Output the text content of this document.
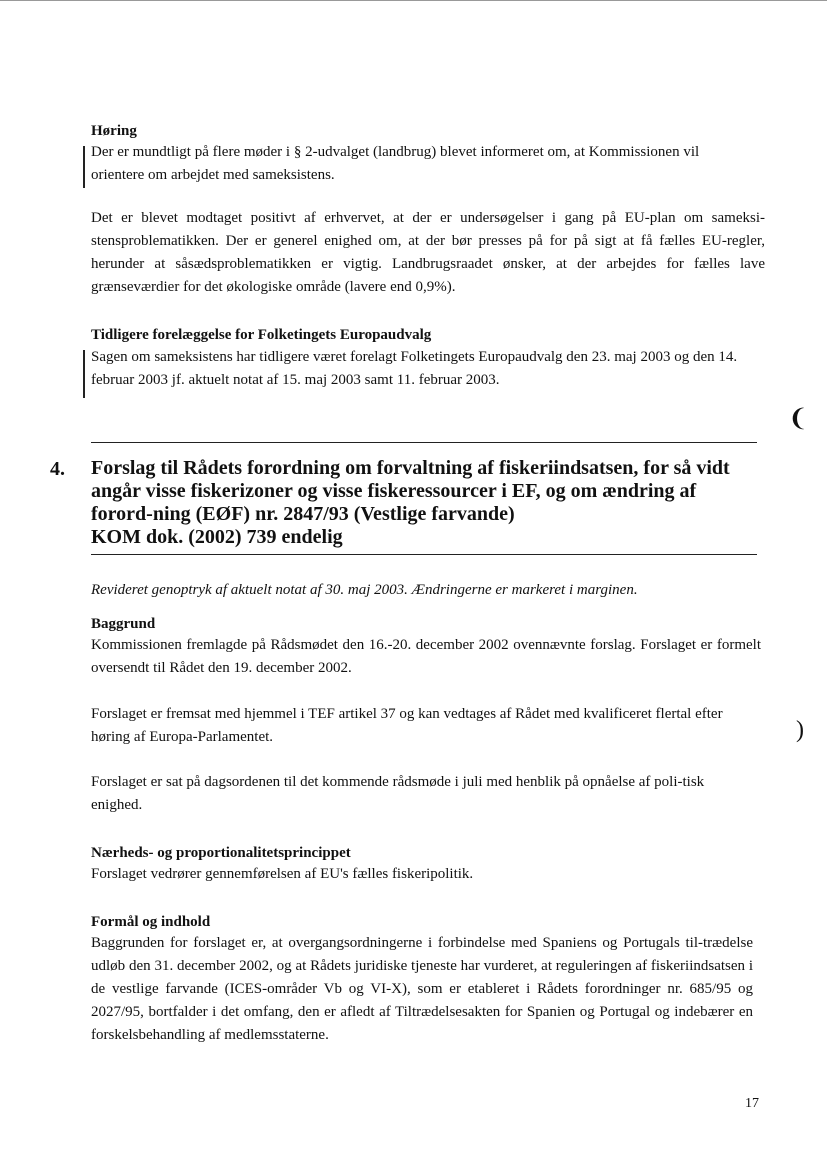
Høring

Der er mundtligt på flere møder i § 2-udvalget (landbrug) blevet informeret om, at Kommissionen vil orientere om arbejdet med sameksistens.

Det er blevet modtaget positivt af erhvervet, at der er undersøgelser i gang på EU-plan om sameksi-stensproblematikken. Der er generel enighed om, at der bør presses på for på sigt at få fælles EU-regler, herunder at såsædsproblematikken er vigtig. Landbrugsraadet ønsker, at der arbejdes for fælles lave grænseværdier for det økologiske område (lavere end 0,9%).

Tidligere forelæggelse for Folketingets Europaudvalg

Sagen om sameksistens har tidligere været forelagt Folketingets Europaudvalg den 23. maj 2003 og den 14. februar 2003 jf. aktuelt notat af 15. maj 2003 samt 11. februar 2003.

❨
4. Forslag til Rådets forordning om forvaltning af fiskeriindsatsen, for så vidt angår visse fiskerizoner og visse fiskeressourcer i EF, og om ændring af forord-ning (EØF) nr. 2847/93 (Vestlige farvande)
KOM dok. (2002) 739 endelig

Revideret genoptryk af aktuelt notat af 30. maj 2003. Ændringerne er markeret i marginen.

Baggrund

Kommissionen fremlagde på Rådsmødet den 16.-20. december 2002 ovennævnte forslag. Forslaget er formelt oversendt til Rådet den 19. december 2002.

Forslaget er fremsat med hjemmel i TEF artikel 37 og kan vedtages af Rådet med kvalificeret flertal efter høring af Europa-Parlamentet.	)

Forslaget er sat på dagsordenen til det kommende rådsmøde i juli med henblik på opnåelse af poli-tisk enighed.

Nærheds- og proportionalitetsprincippet

Forslaget vedrører gennemførelsen af EU's fælles fiskeripolitik.

Formål og indhold

Baggrunden for forslaget er, at overgangsordningerne i forbindelse med Spaniens og Portugals til-trædelse udløb den 31. december 2002, og at Rådets juridiske tjeneste har vurderet, at reguleringen af fiskeriindsatsen i de vestlige farvande (ICES-områder Vb og VI-X), som er etableret i Rådets forordninger nr. 685/95 og 2027/95, bortfalder i det omfang, den er afledt af Tiltrædelsesakten for Spanien og Portugal og indebærer en forskelsbehandling af medlemsstaterne.

17
